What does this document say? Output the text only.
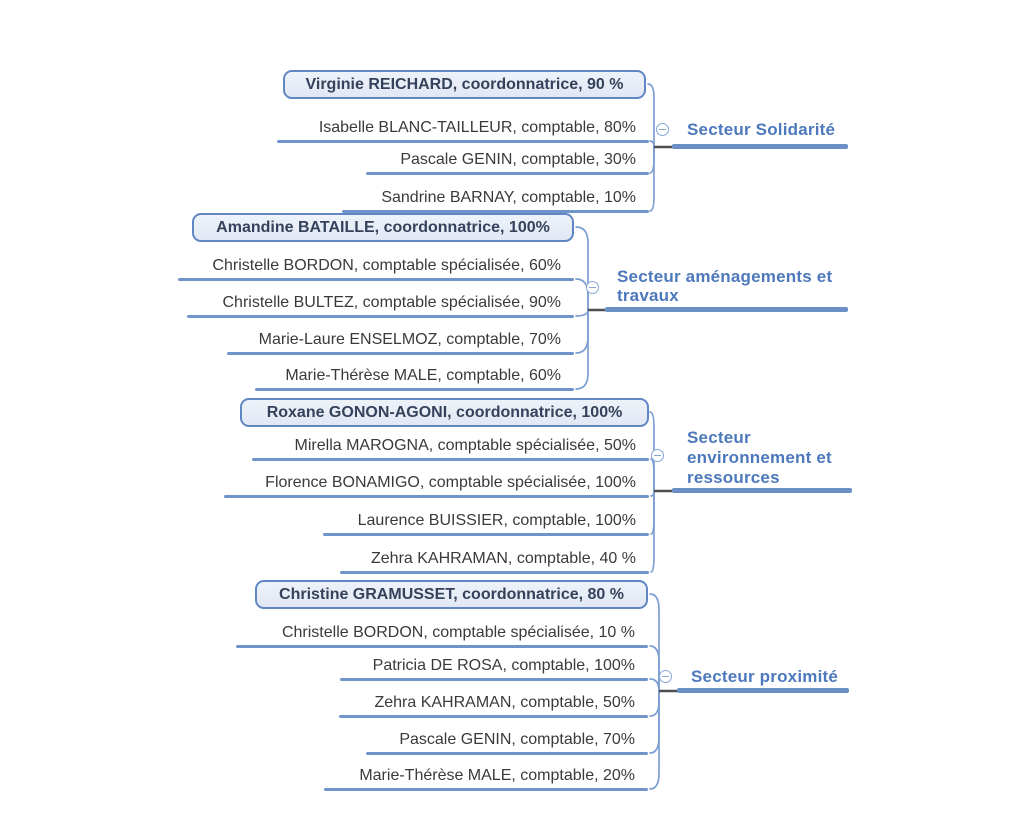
Virginie REICHARD, coordonnatrice, 90 %
Isabelle BLANC-TAILLEUR, comptable, 80%
Pascale GENIN, comptable, 30%
Sandrine BARNAY, comptable, 10%
Secteur Solidarité
Amandine BATAILLE, coordonnatrice, 100%
Christelle BORDON, comptable spécialisée, 60%
Christelle BULTEZ, comptable spécialisée, 90%
Marie-Laure ENSELMOZ, comptable, 70%
Marie-Thérèse MALE, comptable, 60%
Secteur aménagements et travaux
Roxane GONON-AGONI, coordonnatrice, 100%
Mirella MAROGNA, comptable spécialisée, 50%
Florence BONAMIGO, comptable spécialisée, 100%
Laurence BUISSIER, comptable, 100%
Zehra KAHRAMAN, comptable, 40 %
Secteur environnement et ressources
Christine GRAMUSSET, coordonnatrice, 80 %
Christelle BORDON, comptable spécialisée, 10 %
Patricia DE ROSA, comptable, 100%
Zehra KAHRAMAN, comptable, 50%
Pascale GENIN, comptable, 70%
Marie-Thérèse MALE, comptable, 20%
Secteur proximité
